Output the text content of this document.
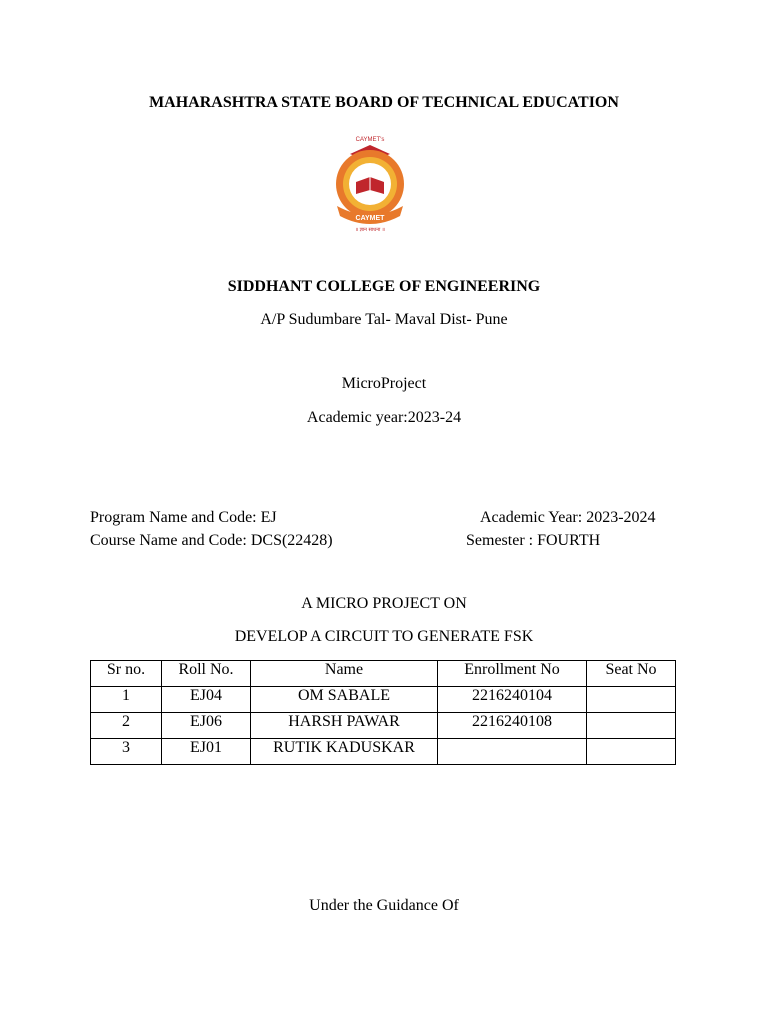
MAHARASHTRA STATE BOARD OF TECHNICAL EDUCATION
CAYMET's
CAYMET
॥ ज्ञान साधना ॥
SIDDHANT COLLEGE OF ENGINEERING
A/P Sudumbare Tal- Maval Dist- Pune
MicroProject
Academic year:2023-24
Program Name and Code: EJ
Course Name and Code: DCS(22428)
Academic Year: 2023-2024
Semester : FOURTH
A MICRO PROJECT ON
DEVELOP A CIRCUIT TO GENERATE FSK
Sr no.	Roll No.	Name	Enrollment No	Seat No
1	EJ04	OM SABALE	2216240104	
2	EJ06	HARSH PAWAR	2216240108	
3	EJ01	RUTIK KADUSKAR		
Under the Guidance Of
